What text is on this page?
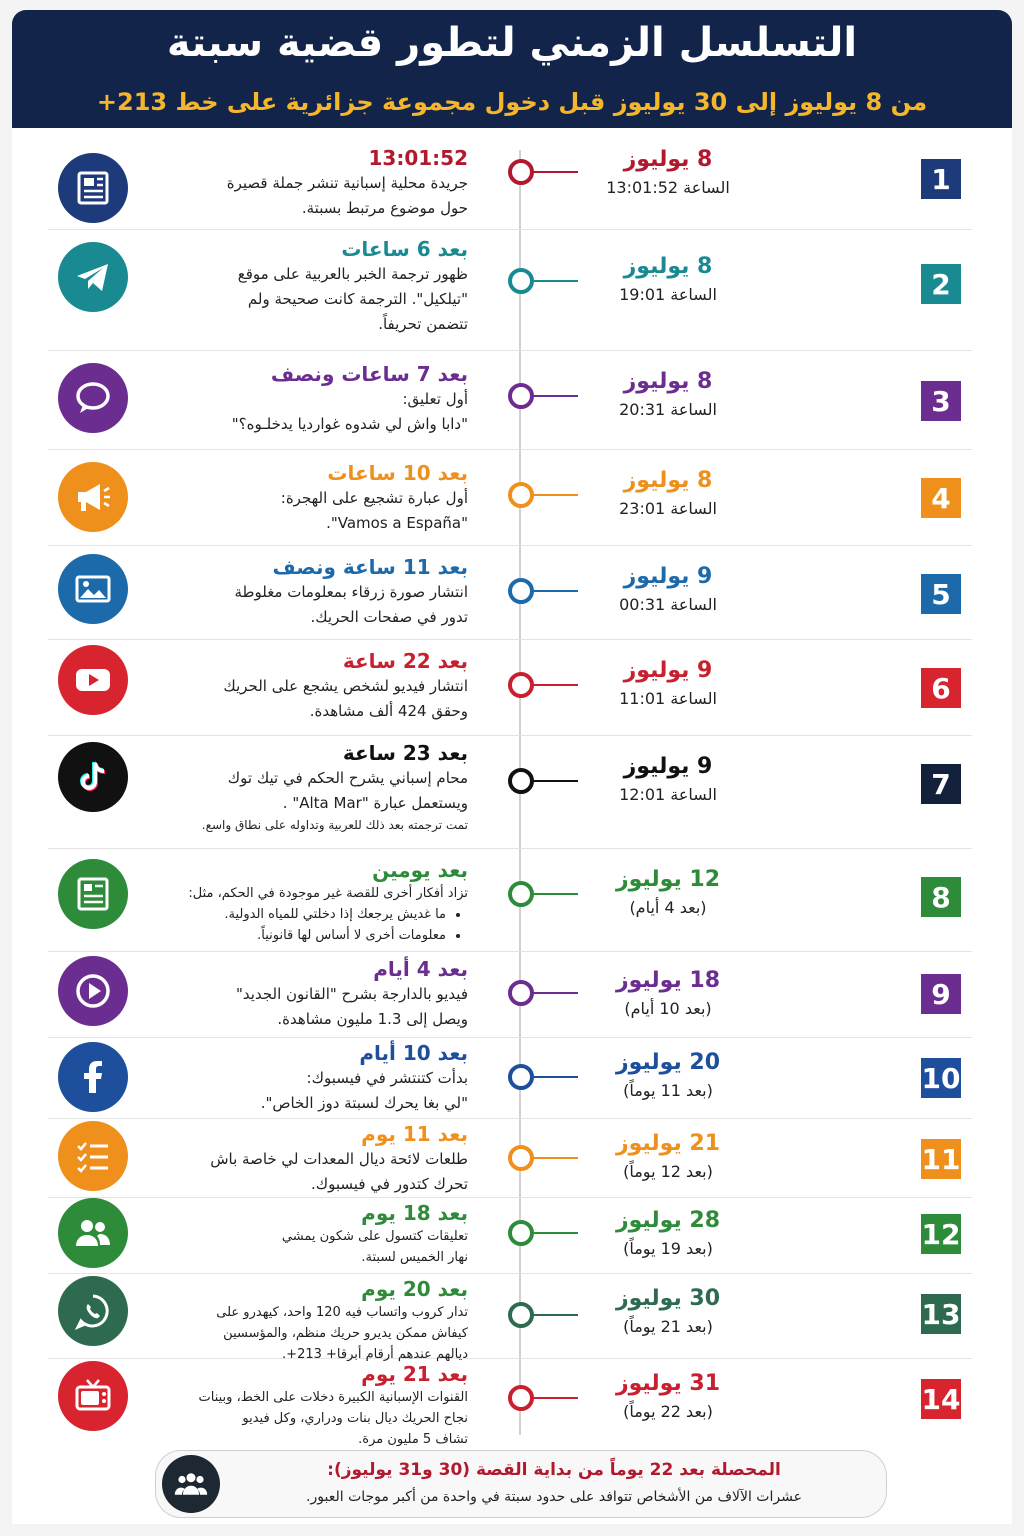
التسلسل الزمني لتطور قضية سبتة
من 8 يوليوز إلى 30 يوليوز قبل دخول مجموعة جزائرية على خط 213+
13:01:52
جريدة محلية إسبانية تنشر جملة قصيرة
حول موضوع مرتبط بسبتة.
8 يوليوز
الساعة 13:01:52	1
بعد 6 ساعات
ظهور ترجمة الخبر بالعربية على موقع
"تيلكيل". الترجمة كانت صحيحة ولم
تتضمن تحريفاً.
8 يوليوز
الساعة 19:01	2
بعد 7 ساعات ونصف
أول تعليق:
"دابا واش لي شدوه غوارديا يدخلـوه؟"
8 يوليوز
الساعة 20:31	3
بعد 10 ساعات
أول عبارة تشجيع على الهجرة:
"Vamos a España".
8 يوليوز
الساعة 23:01	4
بعد 11 ساعة ونصف
انتشار صورة زرقاء بمعلومات مغلوطة
تدور في صفحات الحريك.
9 يوليوز
الساعة 00:31	5
بعد 22 ساعة
انتشار فيديو لشخص يشجع على الحريك
وحقق 424 ألف مشاهدة.
9 يوليوز
الساعة 11:01	6
بعد 23 ساعة
محام إسباني يشرح الحكم في تيك توك
ويستعمل عبارة "Alta Mar" .
تمت ترجمته بعد ذلك للعربية وتداوله على نطاق واسع.
9 يوليوز
الساعة 12:01	7
بعد يومين
تزاد أفكار أخرى للقصة غير موجودة في الحكم، مثل:
• ما غديش يرجعك إذا دخلتي للمياه الدولية.
• معلومات أخرى لا أساس لها قانونياً.
12 يوليوز
(بعد 4 أيام)	8
بعد 4 أيام
فيديو بالدارجة بشرح "القانون الجديد"
ويصل إلى 1.3 مليون مشاهدة.
18 يوليوز
(بعد 10 أيام)	9
بعد 10 أيام
بدأت كتنتشر في فيسبوك:
"لي بغا يحرك لسبتة دوز الخاص".
20 يوليوز
(بعد 11 يوماً)	10
بعد 11 يوم
طلعات لائحة ديال المعدات لي خاصة باش
تحرك كتدور في فيسبوك.
21 يوليوز
(بعد 12 يوماً)	11
بعد 18 يوم
تعليقات كتسول على شكون يمشي
نهار الخميس لسبتة.
28 يوليوز
(بعد 19 يوماً)	12
بعد 20 يوم
تدار كروب واتساب فيه 120 واحد، كيهدرو على
كيفاش ممكن يديرو حريك منظم، والمؤسسين
ديالهم عندهم أرقام أبرقا+ 213+.
30 يوليوز
(بعد 21 يوماً)	13
بعد 21 يوم
القنوات الإسبانية الكبيرة دخلات على الخط، وبينات
نجاح الحريك ديال بنات ودراري، وكل فيديو
تشاف 5 مليون مرة.
31 يوليوز
(بعد 22 يوماً)	14
المحصلة بعد 22 يوماً من بداية القصة (30 و31 يوليوز):
عشرات الآلاف من الأشخاص تتوافد على حدود سبتة في واحدة من أكبر موجات العبور.
